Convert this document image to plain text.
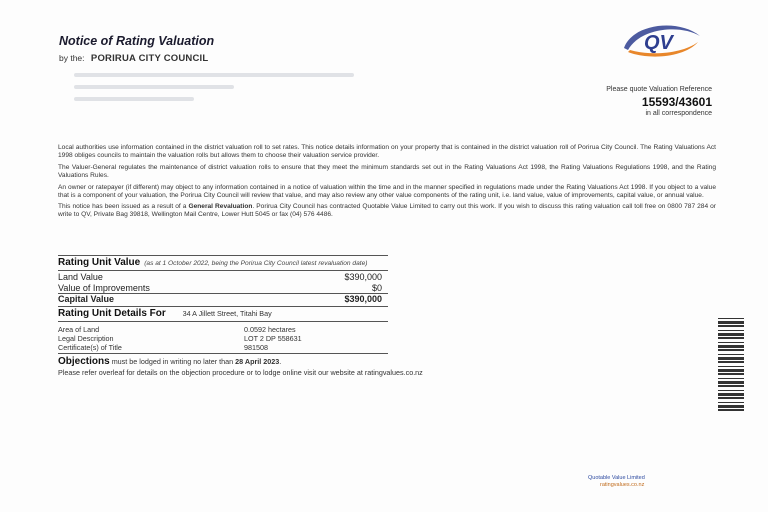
Notice of Rating Valuation
by the: PORIRUA CITY COUNCIL
QV
Please quote Valuation Reference
15593/43601
in all correspondence

Local authorities use information contained in the district valuation roll to set rates. This notice details information on your property that is contained in the district valuation roll of Porirua City Council. The Rating Valuations Act 1998 obliges councils to maintain the valuation rolls but allows them to choose their valuation service provider.

The Valuer-General regulates the maintenance of district valuation rolls to ensure that they meet the minimum standards set out in the Rating Valuations Act 1998, the Rating Valuations Regulations 1998, and the Rating Valuations Rules.

An owner or ratepayer (if different) may object to any information contained in a notice of valuation within the time and in the manner specified in regulations made under the Rating Valuations Act 1998. If you object to a value that is a component of your valuation, the Porirua City Council will review that value, and may also review any other value components of the rating unit, i.e. land value, value of improvements, capital value, or annual value.

This notice has been issued as a result of a General Revaluation. Porirua City Council has contracted Quotable Value Limited to carry out this work. If you wish to discuss this rating valuation call toll free on 0800 787 284 or write to QV, Private Bag 39818, Wellington Mail Centre, Lower Hutt 5045 or fax (04) 576 4486.

Rating Unit Value (as at 1 October 2022, being the Porirua City Council latest revaluation date)
Land Value	$390,000
Value of Improvements	$0
Capital Value	$390,000
Rating Unit Details For 34 A Jillett Street, Titahi Bay
Area of Land	0.0592 hectares
Legal Description	LOT 2 DP 558631
Certificate(s) of Title	981508
Objections must be lodged in writing no later than 28 April 2023.
Please refer overleaf for details on the objection procedure or to lodge online visit our website at ratingvalues.co.nz
Quotable Value Limited
ratingvalues.co.nz
